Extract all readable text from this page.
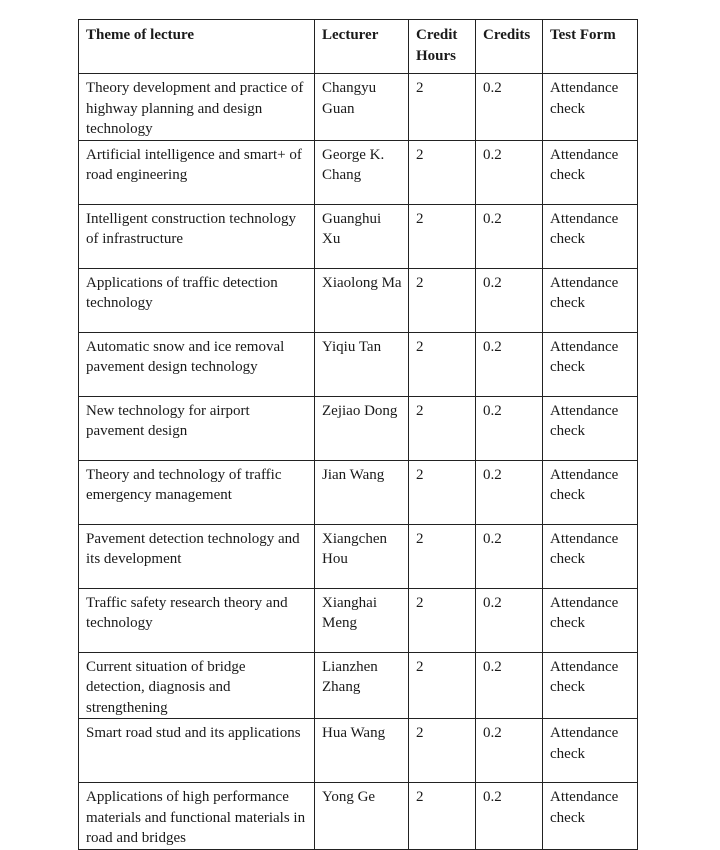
Theme of lecture	Lecturer	Credit Hours	Credits	Test Form
Theory development and practice of highway planning and design technology	Changyu Guan	2	0.2	Attendance check
Artificial intelligence and smart+ of road engineering	George K. Chang	2	0.2	Attendance check
Intelligent construction technology of infrastructure	Guanghui Xu	2	0.2	Attendance check
Applications of traffic detection technology	Xiaolong Ma	2	0.2	Attendance check
Automatic snow and ice removal pavement design technology	Yiqiu Tan	2	0.2	Attendance check
New technology for airport pavement design	Zejiao Dong	2	0.2	Attendance check
Theory and technology of traffic emergency management	Jian Wang	2	0.2	Attendance check
Pavement detection technology and its development	Xiangchen Hou	2	0.2	Attendance check
Traffic safety research theory and technology	Xianghai Meng	2	0.2	Attendance check
Current situation of bridge detection, diagnosis and strengthening	Lianzhen Zhang	2	0.2	Attendance check
Smart road stud and its applications	Hua Wang	2	0.2	Attendance check
Applications of high performance materials and functional materials in road and bridges	Yong Ge	2	0.2	Attendance check
